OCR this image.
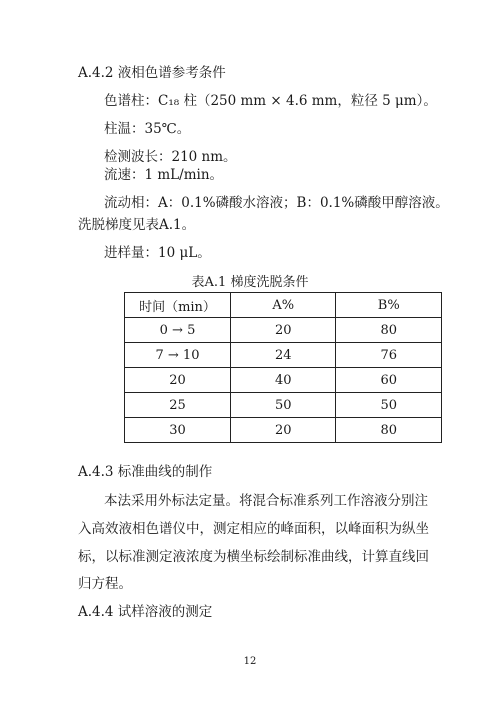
A.4.2 液相色谱参考条件
色谱柱：C₁₈ 柱（250 mm × 4.6 mm，粒径 5 μm）。
柱温：35℃。
检测波长：210 nm。
流速：1 mL/min。
流动相：A：0.1%磷酸水溶液；B：0.1%磷酸甲醇溶液。
洗脱梯度见表A.1。
进样量：10 μL。
表A.1 梯度洗脱条件
时间（min）	A%	B%
0 → 5	20	80
7 → 10	24	76
20	40	60
25	50	50
30	20	80
A.4.3 标准曲线的制作
本法采用外标法定量。将混合标准系列工作溶液分别注
入高效液相色谱仪中，测定相应的峰面积，以峰面积为纵坐
标，以标准测定液浓度为横坐标绘制标准曲线，计算直线回
归方程。
A.4.4 试样溶液的测定
12
